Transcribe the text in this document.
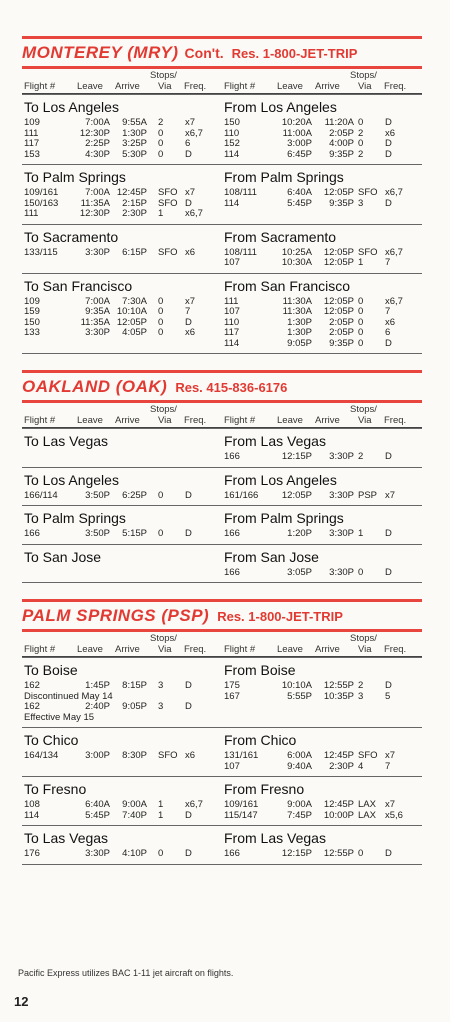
MONTEREY (MRY) Con't. Res. 1-800-JET-TRIP
Stops/
Flight # Leave Arrive Via Freq.
Stops/
Flight # Leave Arrive Via Freq.
To Los Angeles
109	7:00A 9:55A 2 x7
111	12:30P 1:30P 0 x6,7
117	2:25P 3:25P 0 6
153	4:30P 5:30P 0 D
From Los Angeles
150	10:20A 11:20A 0 D
110	11:00A 2:05P 2 x6
152	3:00P 4:00P 0 D
114	6:45P 9:35P 2 D
To Palm Springs
109/161	7:00A 12:45P SFO x7
150/163 11:35A 2:15P SFO D
111	12:30P 2:30P 1 x6,7
From Palm Springs
108/111	6:40A 12:05P SFO x6,7
114	5:45P 9:35P 3 D
To Sacramento
133/115	3:30P 6:15P SFO x6
From Sacramento
108/111	10:25A 12:05P SFO x6,7
107	10:30A 12:05P 1 7
To San Francisco
109	7:00A 7:30A 0 x7
159	9:35A 10:10A 0 7
150	11:35A 12:05P 0 D
133	3:30P 4:05P 0 x6
From San Francisco
111	11:30A 12:05P 0 x6,7
107	11:30A 12:05P 0 7
110	1:30P 2:05P 0 x6
117	1:30P 2:05P 0 6
114	9:05P 9:35P 0 D
OAKLAND (OAK) Res. 415-836-6176
Stops/
Flight # Leave Arrive Via Freq.
Stops/
Flight # Leave Arrive Via Freq.
To Las Vegas	From Las Vegas
166	12:15P 3:30P 2 D
To Los Angeles
166/114	3:50P 6:25P 0 D
From Los Angeles
161/166 12:05P 3:30P PSP x7
To Palm Springs
166	3:50P 5:15P 0 D
From Palm Springs
166	1:20P 3:30P 1 D
To San Jose	From San Jose
166	3:05P 3:30P 0 D
PALM SPRINGS (PSP) Res. 1-800-JET-TRIP
Stops/
Flight # Leave Arrive Via Freq.
Stops/
Flight # Leave Arrive Via Freq.
To Boise
162	1:45P 8:15P 3 D
Discontinued May 14
162	2:40P 9:05P 3 D
Effective May 15
From Boise
175	10:10A 12:55P 2 D
167	5:55P 10:35P 3 5
To Chico
164/134	3:00P 8:30P SFO x6
From Chico
131/161	6:00A 12:45P SFO x7
107	9:40A 2:30P 4 7
To Fresno
108	6:40A 9:00A 1 x6,7
114	5:45P 7:40P 1 D
From Fresno
109/161	9:00A 12:45P LAX x7
115/147	7:45P 10:00P LAX x5,6
To Las Vegas
176	3:30P 4:10P 0 D
From Las Vegas
166	12:15P 12:55P 0 D
Pacific Express utilizes BAC 1-11 jet aircraft on flights.
12
